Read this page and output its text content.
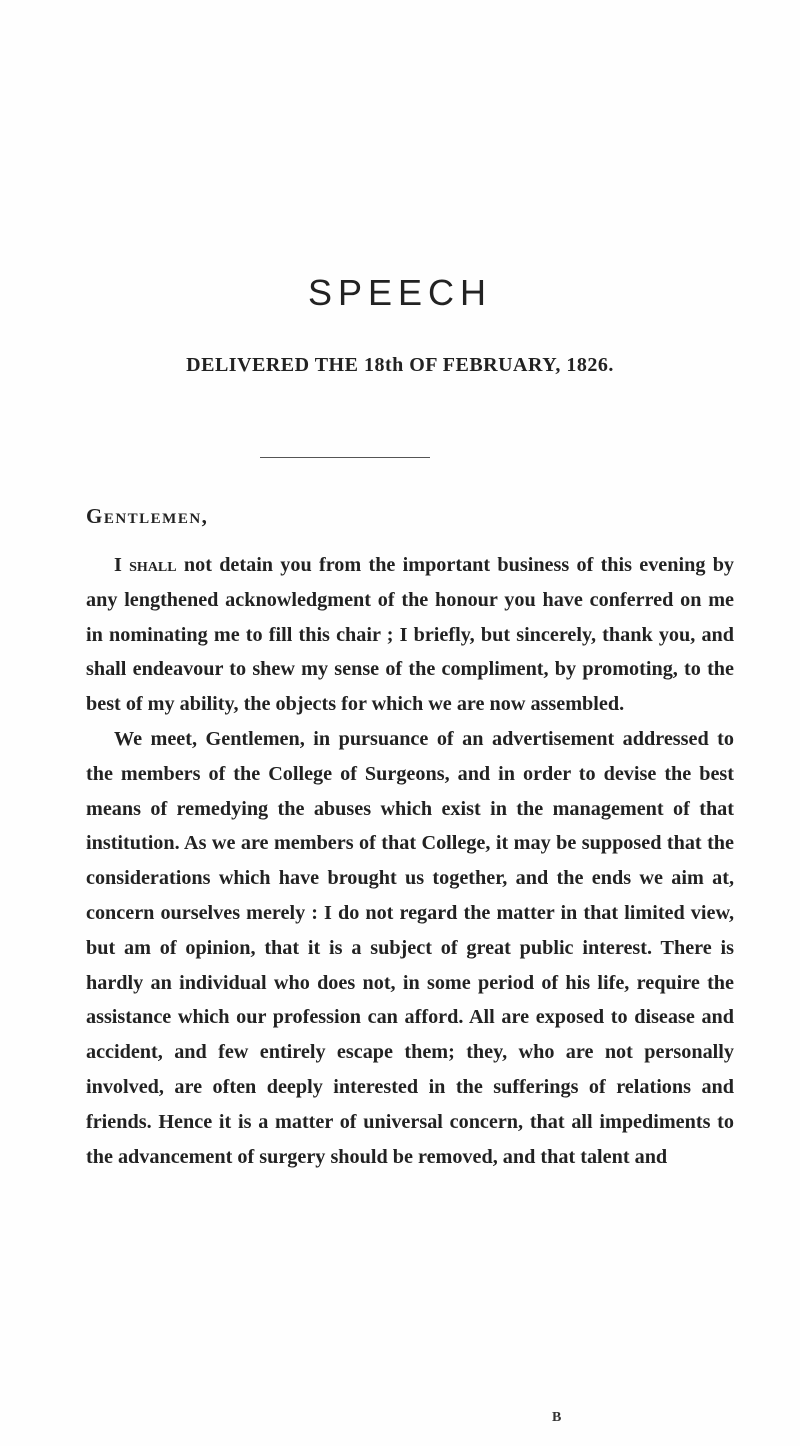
SPEECH
DELIVERED THE 18th OF FEBRUARY, 1826.
Gentlemen,

I shall not detain you from the important business of this evening by any lengthened acknowledgment of the honour you have conferred on me in nominating me to fill this chair ; I briefly, but sincerely, thank you, and shall endeavour to shew my sense of the compliment, by promoting, to the best of my ability, the objects for which we are now assembled.

We meet, Gentlemen, in pursuance of an advertisement addressed to the members of the College of Surgeons, and in order to devise the best means of remedying the abuses which exist in the management of that institution. As we are members of that College, it may be supposed that the considerations which have brought us together, and the ends we aim at, concern ourselves merely : I do not regard the matter in that limited view, but am of opinion, that it is a subject of great public interest. There is hardly an individual who does not, in some period of his life, require the assistance which our profession can afford. All are exposed to disease and accident, and few entirely escape them; they, who are not personally involved, are often deeply interested in the sufferings of relations and friends. Hence it is a matter of universal concern, that all impediments to the advancement of surgery should be removed, and that talent and

B
